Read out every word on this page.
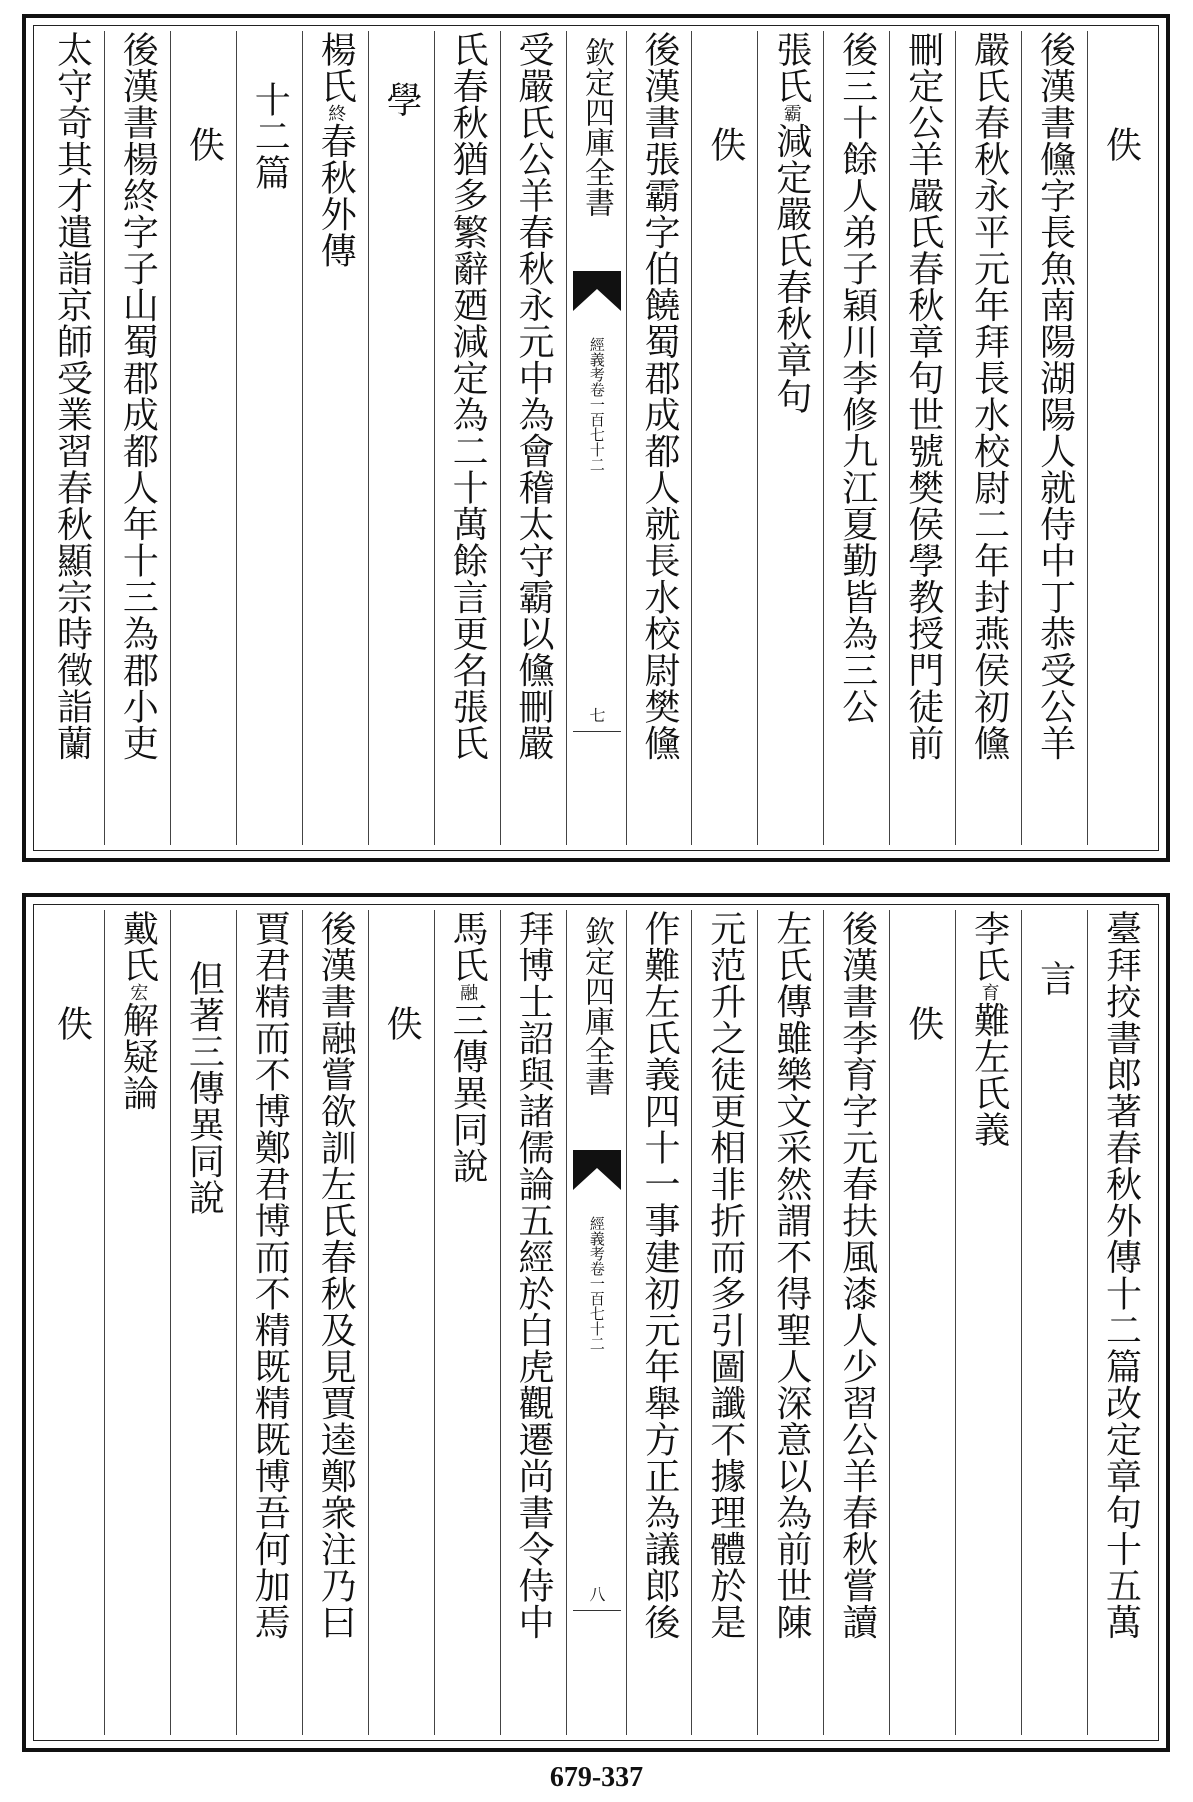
佚
後漢書儵字長魚南陽湖陽人就侍中丁恭受公羊
嚴氏春秋永平元年拜長水校尉二年封燕侯初儵
刪定公羊嚴氏春秋章句世號樊侯學教授門徒前
後三十餘人弟子穎川李修九江夏勤皆為三公
張氏霸減定嚴氏春秋章句
佚
後漢書張霸字伯饒蜀郡成都人就長水校尉樊儵
欽定四庫全書
經義考卷一百七十二
七
受嚴氏公羊春秋永元中為會稽太守霸以儵刪嚴
氏春秋猶多繁辭廼減定為二十萬餘言更名張氏
學
楊氏終春秋外傳
十二篇
佚
後漢書楊終字子山蜀郡成都人年十三為郡小吏
太守奇其才遣詣京師受業習春秋顯宗時徵詣蘭
臺拜挍書郎著春秋外傳十二篇改定章句十五萬
言
李氏育難左氏義
佚
後漢書李育字元春扶風漆人少習公羊春秋嘗讀
左氏傳雖樂文采然謂不得聖人深意以為前世陳
元范升之徒更相非折而多引圖讖不據理體於是
作難左氏義四十一事建初元年舉方正為議郎後
欽定四庫全書
經義考卷一百七十二
八
拜博士詔與諸儒論五經於白虎觀遷尚書令侍中
馬氏融三傳異同說
佚
後漢書融嘗欲訓左氏春秋及見賈逵鄭衆注乃曰
賈君精而不博鄭君博而不精既精既博吾何加焉
但著三傳異同說
戴氏宏解疑論
佚
679-337
